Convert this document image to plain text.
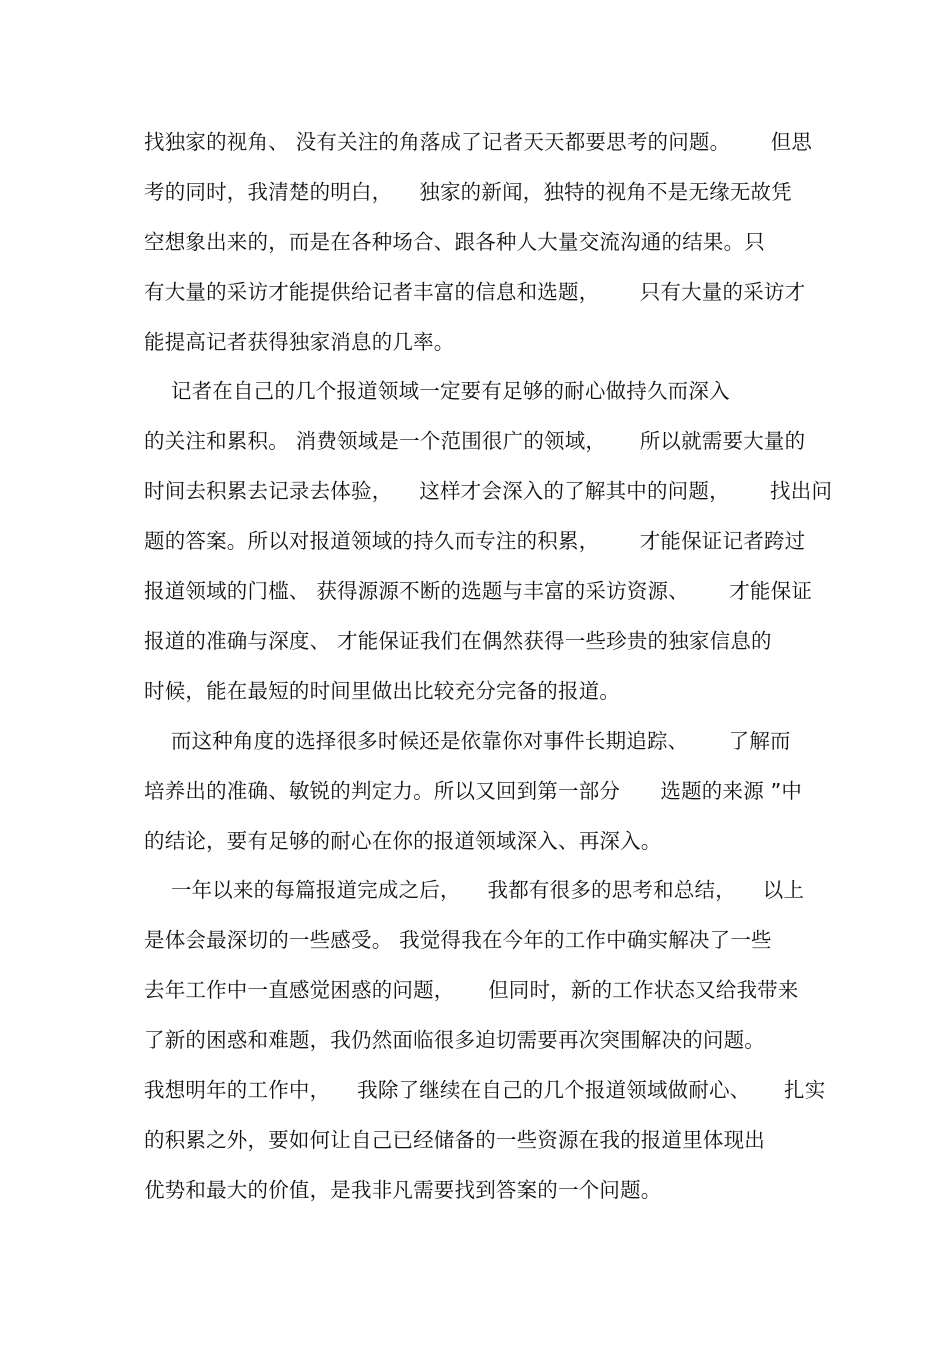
找独家的视角、 没有关注的角落成了记者天天都要思考的问题。      但思
考的同时，我清楚的明白，    独家的新闻，独特的视角不是无缘无故凭
空想象出来的，而是在各种场合、跟各种人大量交流沟通的结果。只
有大量的采访才能提供给记者丰富的信息和选题，      只有大量的采访才
能提高记者获得独家消息的几率。
记者在自己的几个报道领域一定要有足够的耐心做持久而深入
的关注和累积。 消费领域是一个范围很广的领域，     所以就需要大量的
时间去积累去记录去体验，    这样才会深入的了解其中的问题，      找出问
题的答案。所以对报道领域的持久而专注的积累，      才能保证记者跨过
报道领域的门槛、 获得源源不断的选题与丰富的采访资源、      才能保证
报道的准确与深度、 才能保证我们在偶然获得一些珍贵的独家信息的
时候，能在最短的时间里做出比较充分完备的报道。
而这种角度的选择很多时候还是依靠你对事件长期追踪、      了解而
培养出的准确、敏锐的判定力。所以又回到第一部分      选题的来源 ”中
的结论，要有足够的耐心在你的报道领域深入、再深入。
一年以来的每篇报道完成之后，    我都有很多的思考和总结，    以上
是体会最深切的一些感受。 我觉得我在今年的工作中确实解决了一些
去年工作中一直感觉困惑的问题，     但同时，新的工作状态又给我带来
了新的困惑和难题，我仍然面临很多迫切需要再次突围解决的问题。
我想明年的工作中，    我除了继续在自己的几个报道领域做耐心、     扎实
的积累之外，要如何让自己已经储备的一些资源在我的报道里体现出
优势和最大的价值，是我非凡需要找到答案的一个问题。
